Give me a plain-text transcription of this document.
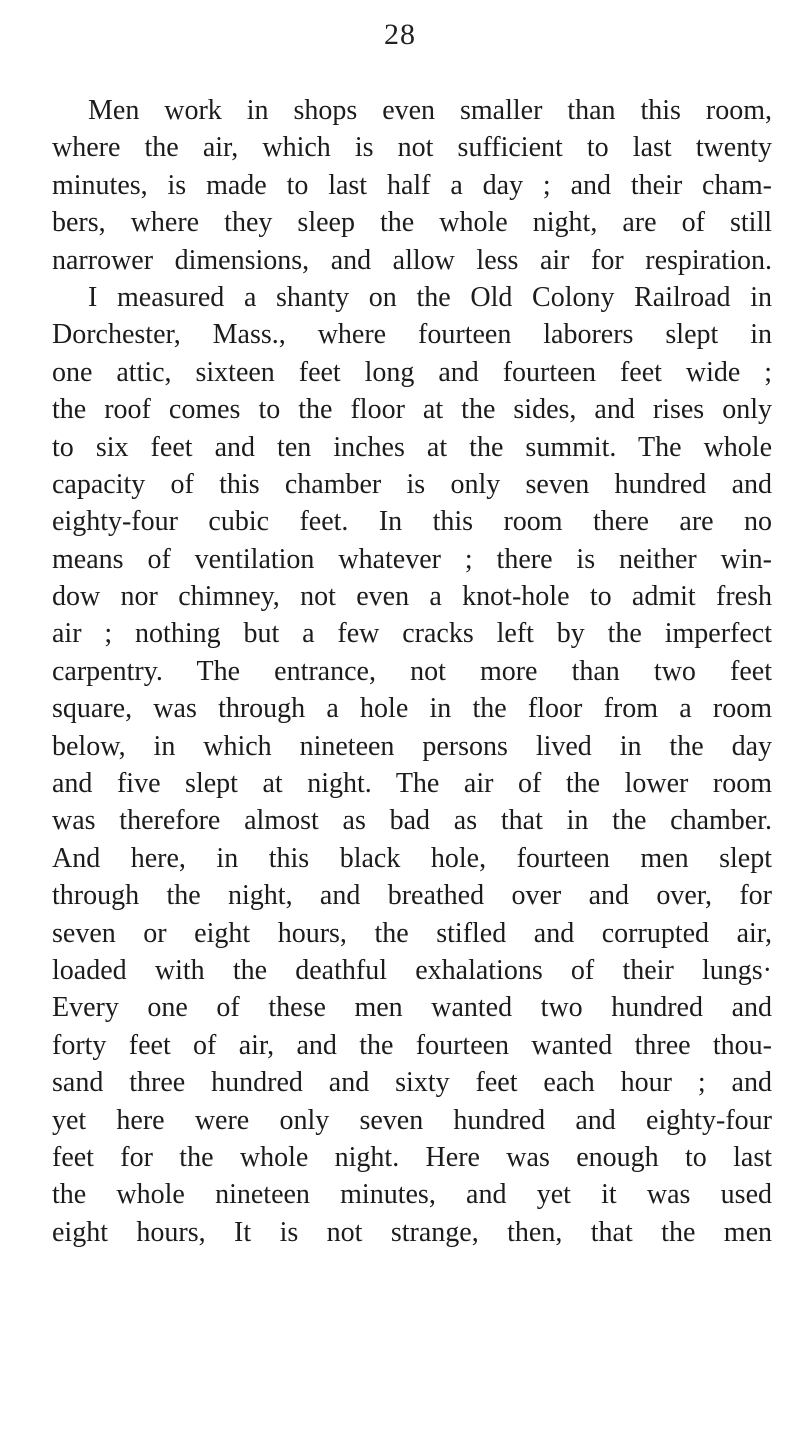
28
Men work in shops even smaller than this room,
where the air, which is not sufficient to last twenty
minutes, is made to last half a day ; and their cham-
bers, where they sleep the whole night, are of still
narrower dimensions, and allow less air for respiration.
I measured a shanty on the Old Colony Railroad in
Dorchester, Mass., where fourteen laborers slept in
one attic, sixteen feet long and fourteen feet wide ;
the roof comes to the floor at the sides, and rises only
to six feet and ten inches at the summit. The whole
capacity of this chamber is only seven hundred and
eighty-four cubic feet. In this room there are no
means of ventilation whatever ; there is neither win-
dow nor chimney, not even a knot-hole to admit fresh
air ; nothing but a few cracks left by the imperfect
carpentry. The entrance, not more than two feet
square, was through a hole in the floor from a room
below, in which nineteen persons lived in the day
and five slept at night. The air of the lower room
was therefore almost as bad as that in the chamber.
And here, in this black hole, fourteen men slept
through the night, and breathed over and over, for
seven or eight hours, the stifled and corrupted air,
loaded with the deathful exhalations of their lungs·
Every one of these men wanted two hundred and
forty feet of air, and the fourteen wanted three thou-
sand three hundred and sixty feet each hour ; and
yet here were only seven hundred and eighty-four
feet for the whole night. Here was enough to last
the whole nineteen minutes, and yet it was used
eight hours, It is not strange, then, that the men
